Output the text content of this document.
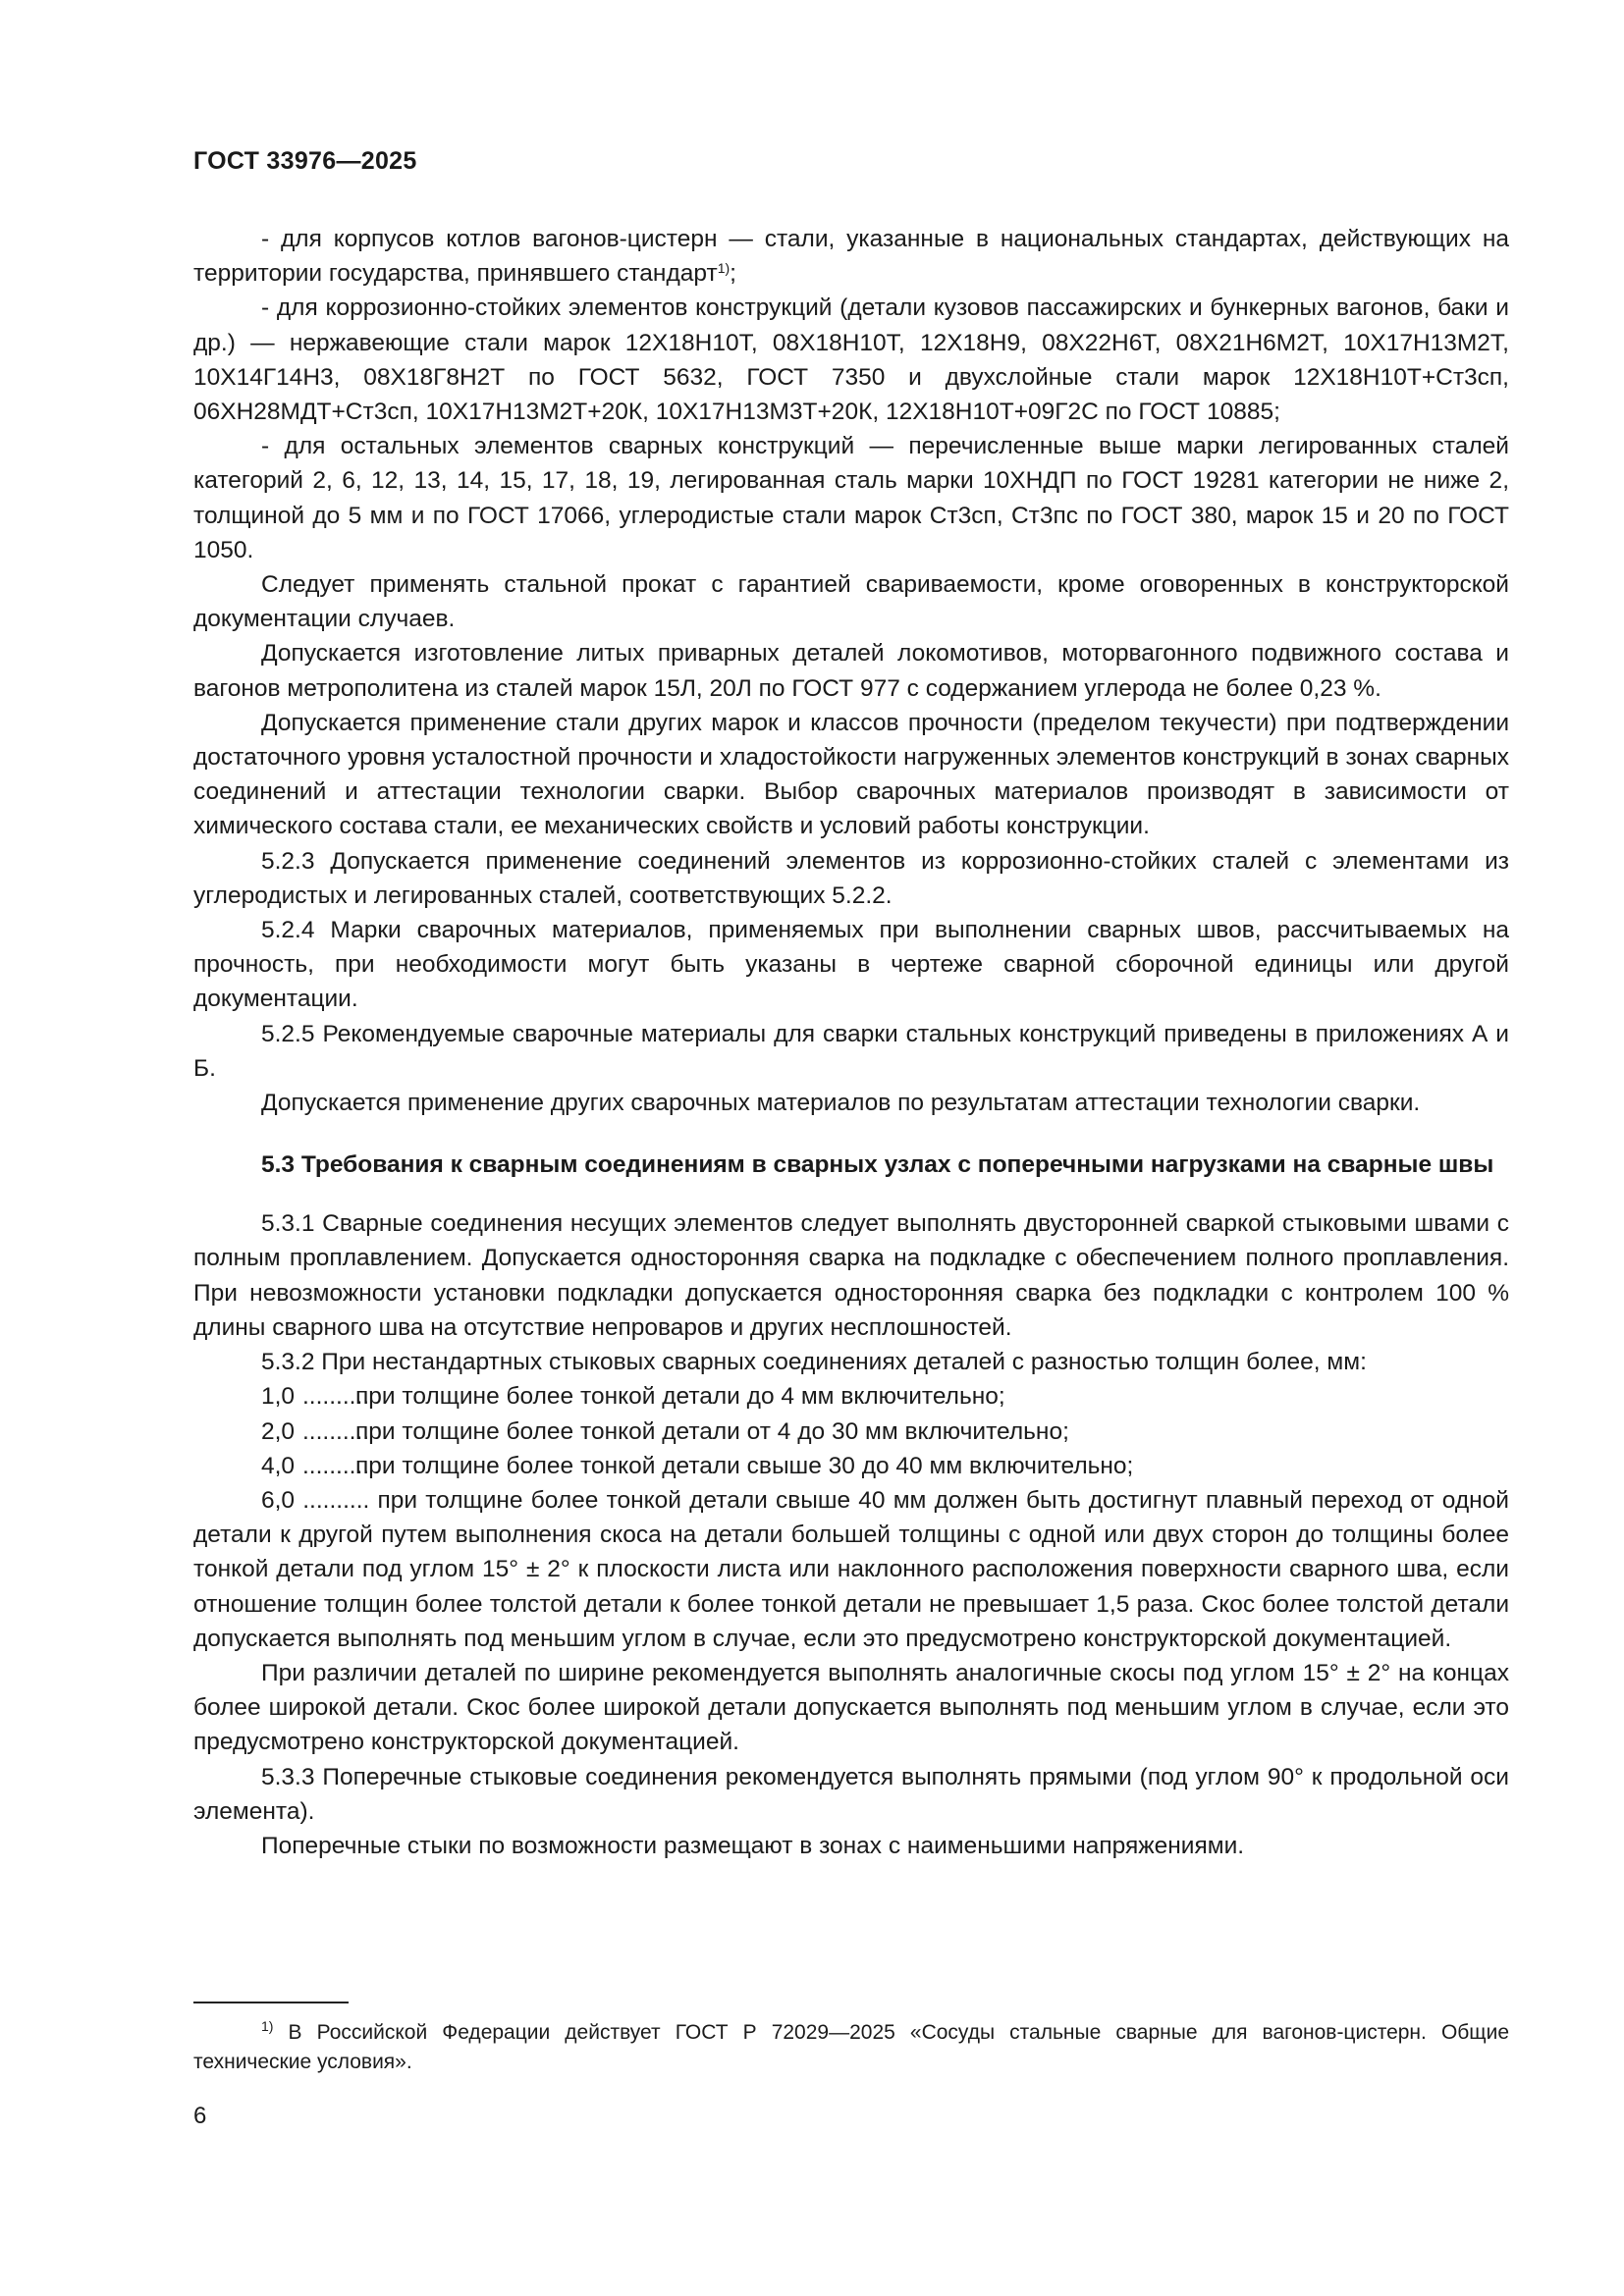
ГОСТ 33976—2025

- для корпусов котлов вагонов-цистерн — стали, указанные в национальных стандартах, действующих на территории государства, принявшего стандарт$^{1)}$;

- для коррозионно-стойких элементов конструкций (детали кузовов пассажирских и бункерных вагонов, баки и др.) — нержавеющие стали марок 12Х18Н10Т, 08Х18Н10Т, 12Х18Н9, 08Х22Н6Т, 08Х21Н6М2Т, 10Х17Н13М2Т, 10Х14Г14Н3, 08Х18Г8Н2Т по ГОСТ 5632, ГОСТ 7350 и двухслойные стали марок 12Х18Н10Т+Ст3сп, 06ХН28МДТ+Ст3сп, 10Х17Н13М2Т+20К, 10Х17Н13М3Т+20К, 12Х18Н10Т+09Г2С по ГОСТ 10885;

- для остальных элементов сварных конструкций — перечисленные выше марки легированных сталей категорий 2, 6, 12, 13, 14, 15, 17, 18, 19, легированная сталь марки 10ХНДП по ГОСТ 19281 категории не ниже 2, толщиной до 5 мм и по ГОСТ 17066, углеродистые стали марок Ст3сп, Ст3пс по ГОСТ 380, марок 15 и 20 по ГОСТ 1050.

Следует применять стальной прокат с гарантией свариваемости, кроме оговоренных в конструкторской документации случаев.

Допускается изготовление литых приварных деталей локомотивов, моторвагонного подвижного состава и вагонов метрополитена из сталей марок 15Л, 20Л по ГОСТ 977 с содержанием углерода не более 0,23 %.

Допускается применение стали других марок и классов прочности (пределом текучести) при подтверждении достаточного уровня усталостной прочности и хладостойкости нагруженных элементов конструкций в зонах сварных соединений и аттестации технологии сварки. Выбор сварочных материалов производят в зависимости от химического состава стали, ее механических свойств и условий работы конструкции.

5.2.3 Допускается применение соединений элементов из коррозионно-стойких сталей с элементами из углеродистых и легированных сталей, соответствующих 5.2.2.

5.2.4 Марки сварочных материалов, применяемых при выполнении сварных швов, рассчитываемых на прочность, при необходимости могут быть указаны в чертеже сварной сборочной единицы или другой документации.

5.2.5 Рекомендуемые сварочные материалы для сварки стальных конструкций приведены в приложениях А и Б.

Допускается применение других сварочных материалов по результатам аттестации технологии сварки.

5.3 Требования к сварным соединениям в сварных узлах с поперечными нагрузками на сварные швы

5.3.1 Сварные соединения несущих элементов следует выполнять двусторонней сваркой стыковыми швами с полным проплавлением. Допускается односторонняя сварка на подкладке с обеспечением полного проплавления. При невозможности установки подкладки допускается односторонняя сварка без подкладки с контролем 100 % длины сварного шва на отсутствие непроваров и других несплошностей.

5.3.2 При нестандартных стыковых сварных соединениях деталей с разностью толщин более, мм:

1,0 ..........
при толщине более тонкой детали до 4 мм включительно;
2,0 ..........
при толщине более тонкой детали от 4 до 30 мм включительно;
4,0 ..........
при толщине более тонкой детали свыше 30 до 40 мм включительно;

6,0 .......... при толщине более тонкой детали свыше 40 мм должен быть достигнут плавный переход от одной детали к другой путем выполнения скоса на детали большей толщины с одной или двух сторон до толщины более тонкой детали под углом 15° ± 2° к плоскости листа или наклонного расположения поверхности сварного шва, если отношение толщин более толстой детали к более тонкой детали не превышает 1,5 раза. Скос более толстой детали допускается выполнять под меньшим углом в случае, если это предусмотрено конструкторской документацией.

При различии деталей по ширине рекомендуется выполнять аналогичные скосы под углом 15° ± 2° на концах более широкой детали. Скос более широкой детали допускается выполнять под меньшим углом в случае, если это предусмотрено конструкторской документацией.

5.3.3 Поперечные стыковые соединения рекомендуется выполнять прямыми (под углом 90° к продольной оси элемента).

Поперечные стыки по возможности размещают в зонах с наименьшими напряжениями.

$^{1)}$ В Российской Федерации действует ГОСТ Р 72029—2025 «Сосуды стальные сварные для вагонов-цистерн. Общие технические условия».
6
